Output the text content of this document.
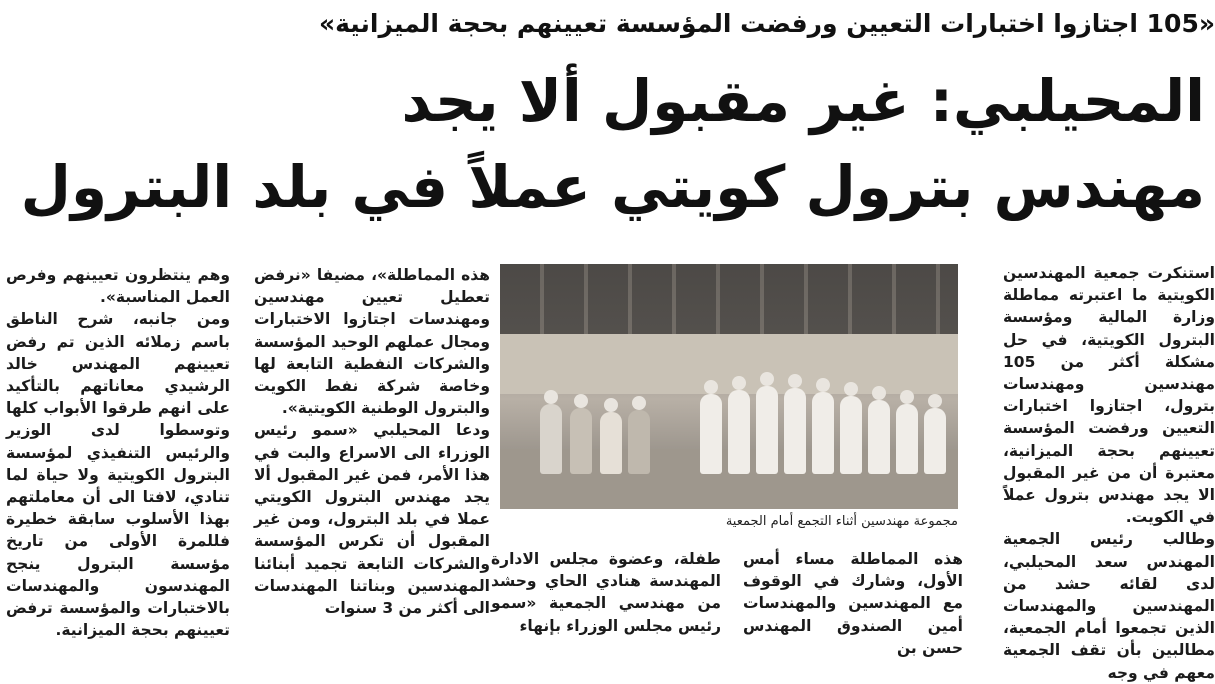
«105 اجتازوا اختبارات التعيين ورفضت المؤسسة تعيينهم بحجة الميزانية»
المحيلبي: غير مقبول ألا يجد
مهندس بترول كويتي عملاً في بلد البترول
استنكرت جمعية المهندسين الكويتية ما اعتبرته مماطلة وزارة المالية ومؤسسة البترول الكويتية، في حل مشكلة أكثر من 105 مهندسين ومهندسات بترول، اجتازوا اختبارات التعيين ورفضت المؤسسة تعيينهم بحجة الميزانية، معتبرة أن من غير المقبول الا يجد مهندس بترول عملاً في الكويت.
وطالب رئيس الجمعية المهندس سعد المحيلبي، لدى لقائه حشد من المهندسين والمهندسات الذين تجمعوا أمام الجمعية، مطالبين بأن تقف الجمعية معهم في وجه
مجموعة مهندسين أثناء التجمع أمام الجمعية
هذه المماطلة مساء أمس الأول، وشارك في الوقوف مع المهندسين والمهندسات أمين الصندوق المهندس حسن بن
طفلة، وعضوة مجلس الادارة المهندسة هنادي الحاي وحشد من مهندسي الجمعية «سمو رئيس مجلس الوزراء بإنهاء
هذه المماطلة»، مضيفا «نرفض تعطيل تعيين مهندسين ومهندسات اجتازوا الاختبارات ومجال عملهم الوحيد المؤسسة والشركات النفطية التابعة لها وخاصة شركة نفط الكويت والبترول الوطنية الكويتية».
ودعا المحيلبي «سمو رئيس الوزراء الى الاسراع والبت في هذا الأمر، فمن غير المقبول ألا يجد مهندس البترول الكويتي عملا في بلد البترول، ومن غير المقبول أن تكرس المؤسسة والشركات التابعة تجميد أبنائنا المهندسين وبناتنا المهندسات الى أكثر من 3 سنوات
وهم ينتظرون تعيينهم وفرص العمل المناسبة».
ومن جانبه، شرح الناطق باسم زملائه الذين تم رفض تعيينهم المهندس خالد الرشيدي معاناتهم بالتأكيد على انهم طرقوا الأبواب كلها وتوسطوا لدى الوزير والرئيس التنفيذي لمؤسسة البترول الكويتية ولا حياة لما تنادي، لافتا الى أن معاملتهم بهذا الأسلوب سابقة خطيرة فللمرة الأولى من تاريخ مؤسسة البترول ينجح المهندسون والمهندسات بالاختبارات والمؤسسة ترفض تعيينهم بحجة الميزانية.
